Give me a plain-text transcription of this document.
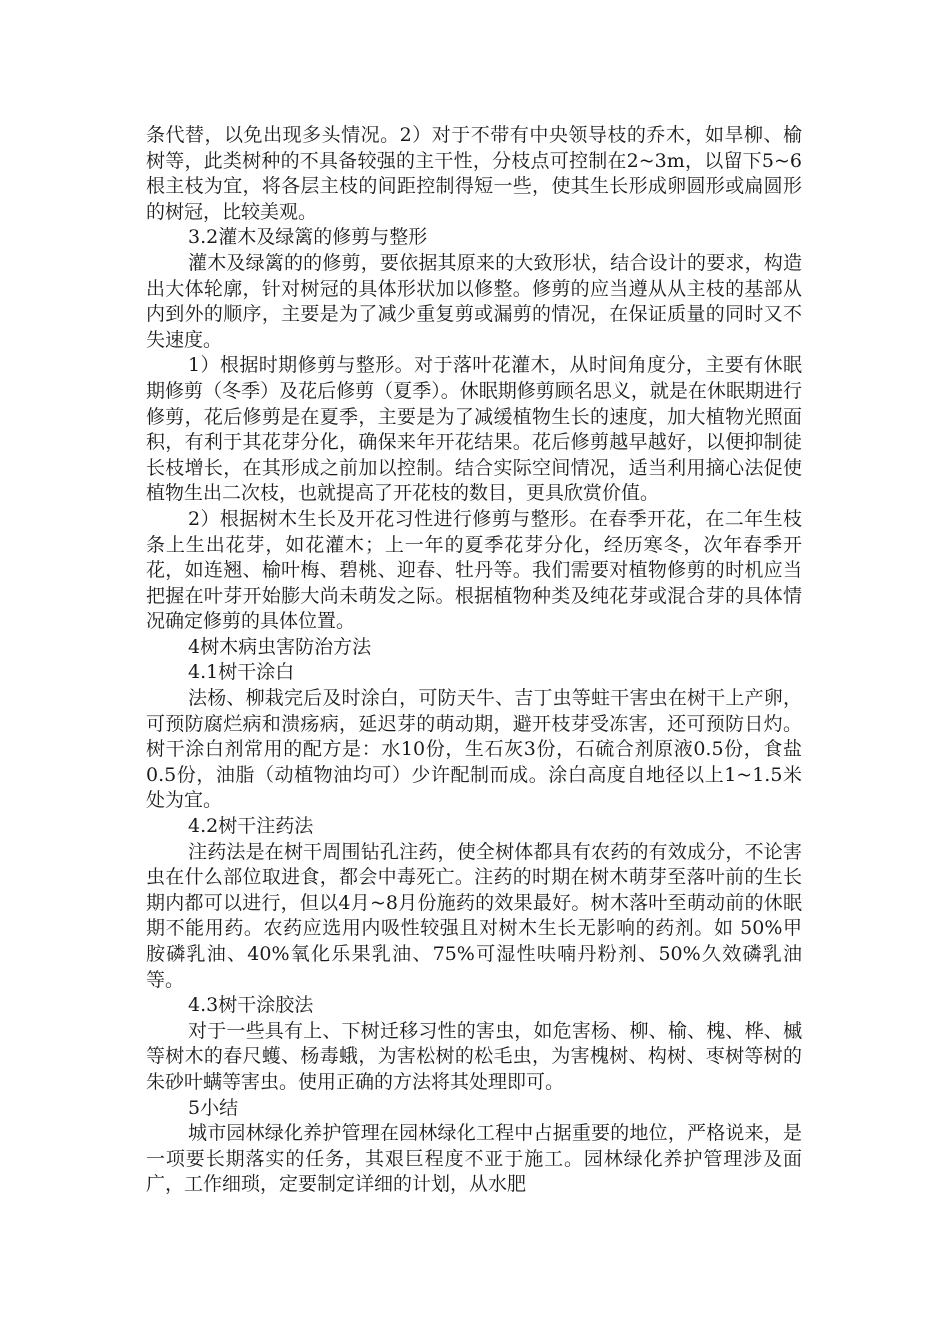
条代替，以免出现多头情况。2）对于不带有中央领导枝的乔木，如旱柳、榆树等，此类树种的不具备较强的主干性，分枝点可控制在2~3m，以留下5~6根主枝为宜，将各层主枝的间距控制得短一些，使其生长形成卵圆形或扁圆形的树冠，比较美观。

3.2灌木及绿篱的修剪与整形

灌木及绿篱的的修剪，要依据其原来的大致形状，结合设计的要求，构造出大体轮廓，针对树冠的具体形状加以修整。修剪的应当遵从从主枝的基部从内到外的顺序，主要是为了减少重复剪或漏剪的情况，在保证质量的同时又不失速度。

1）根据时期修剪与整形。对于落叶花灌木，从时间角度分，主要有休眠期修剪（冬季）及花后修剪（夏季）。休眠期修剪顾名思义，就是在休眠期进行修剪，花后修剪是在夏季，主要是为了减缓植物生长的速度，加大植物光照面积，有利于其花芽分化，确保来年开花结果。花后修剪越早越好，以便抑制徒长枝增长，在其形成之前加以控制。结合实际空间情况，适当利用摘心法促使植物生出二次枝，也就提高了开花枝的数目，更具欣赏价值。

2）根据树木生长及开花习性进行修剪与整形。在春季开花，在二年生枝条上生出花芽，如花灌木；上一年的夏季花芽分化，经历寒冬，次年春季开花，如连翘、榆叶梅、碧桃、迎春、牡丹等。我们需要对植物修剪的时机应当把握在叶芽开始膨大尚未萌发之际。根据植物种类及纯花芽或混合芽的具体情况确定修剪的具体位置。

4树木病虫害防治方法

4.1树干涂白

法杨、柳栽完后及时涂白，可防天牛、吉丁虫等蛀干害虫在树干上产卵，可预防腐烂病和溃疡病，延迟芽的萌动期，避开枝芽受冻害，还可预防日灼。树干涂白剂常用的配方是：水10份，生石灰3份，石硫合剂原液0.5份，食盐0.5份，油脂（动植物油均可）少许配制而成。涂白高度自地径以上1~1.5米处为宜。

4.2树干注药法

注药法是在树干周围钻孔注药，使全树体都具有农药的有效成分，不论害虫在什么部位取进食，都会中毒死亡。注药的时期在树木萌芽至落叶前的生长期内都可以进行，但以4月~8月份施药的效果最好。树木落叶至萌动前的休眠期不能用药。农药应选用内吸性较强且对树木生长无影响的药剂。如 50%甲胺磷乳油、40%氧化乐果乳油、75%可湿性呋喃丹粉剂、50%久效磷乳油等。

4.3树干涂胶法

对于一些具有上、下树迁移习性的害虫，如危害杨、柳、榆、槐、桦、槭等树木的春尺蠖、杨毒蛾，为害松树的松毛虫，为害槐树、构树、枣树等树的朱砂叶螨等害虫。使用正确的方法将其处理即可。

5小结

城市园林绿化养护管理在园林绿化工程中占据重要的地位，严格说来，是一项要长期落实的任务，其艰巨程度不亚于施工。园林绿化养护管理涉及面广，工作细琐，定要制定详细的计划，从水肥
